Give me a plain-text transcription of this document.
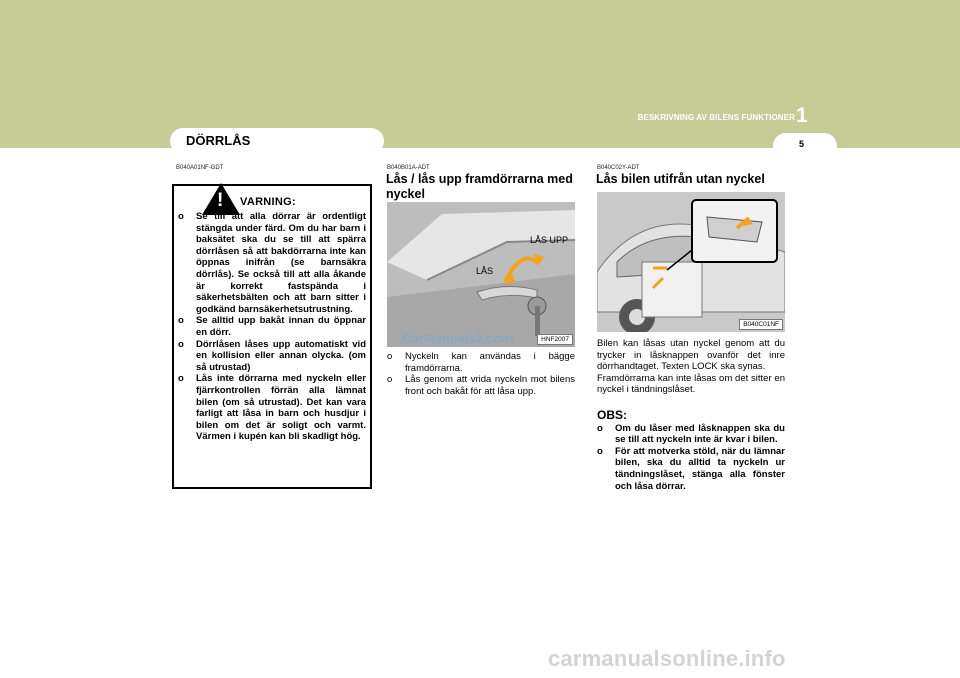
BESKRIVNING AV BILENS FUNKTIONER 1
5
DÖRRLÅS
B040A01NF-GDT
! VARNING:

o Se till att alla dörrar är ordentligt stängda under färd. Om du har barn i baksätet ska du se till att spärra dörrlåsen så att bakdörrarna inte kan öppnas inifrån (se barnsäkra dörrlås). Se också till att alla åkande är korrekt fastspända i säkerhetsbälten och att barn sitter i godkänd barnsäkerhetsutrustning.

o Se alltid upp bakåt innan du öppnar en dörr.

o Dörrlåsen låses upp automatiskt vid en kollision eller annan olycka. (om så utrustad)

o Lås inte dörrarna med nyckeln eller fjärrkontrollen förrän alla lämnat bilen (om så utrustad). Det kan vara farligt att låsa in barn och husdjur i bilen om det är soligt och varmt. Värmen i kupén kan bli skadligt hög.

B040B01A-ADT
Lås / lås upp framdörrarna med nyckel
LÅS UPP
LÅS
HNF2007

o Nyckeln kan användas i bägge framdörrarna.

o Lås genom att vrida nyckeln mot bilens front och bakåt för att låsa upp.

CarManuals2.com
B040C02Y-ADT
Lås bilen utifrån utan nyckel
B040C01NF
Bilen kan låsas utan nyckel genom att du trycker in låsknappen ovanför det inre dörrhandtaget. Texten LOCK ska synas.
Framdörrarna kan inte låsas om det sitter en nyckel i tändningslåset.
OBS:

o Om du låser med låsknappen ska du se till att nyckeln inte är kvar i bilen.

o För att motverka stöld, när du lämnar bilen, ska du alltid ta nyckeln ur tändningslåset, stänga alla fönster och låsa dörrar.

carmanualsonline.info
